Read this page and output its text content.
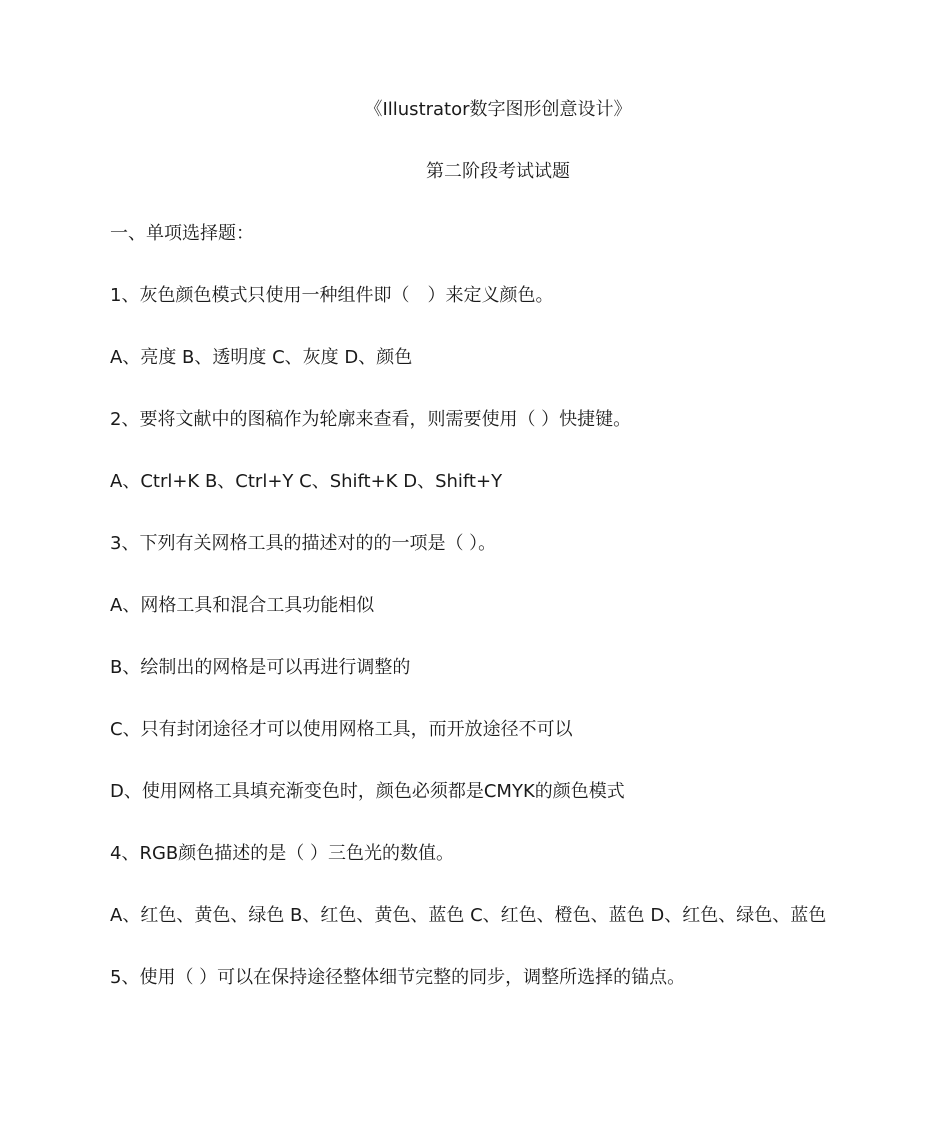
《Illustrator数字图形创意设计》
第二阶段考试试题
一、单项选择题：
1、灰色颜色模式只使用一种组件即（　）来定义颜色。
A、亮度 B、透明度 C、灰度 D、颜色
2、要将文献中的图稿作为轮廓来查看，则需要使用（ ）快捷键。
A、Ctrl+K B、Ctrl+Y C、Shift+K D、Shift+Y
3、下列有关网格工具的描述对的的一项是（ ）。
A、网格工具和混合工具功能相似
B、绘制出的网格是可以再进行调整的
C、只有封闭途径才可以使用网格工具，而开放途径不可以
D、使用网格工具填充渐变色时，颜色必须都是CMYK的颜色模式
4、RGB颜色描述的是（ ）三色光的数值。
A、红色、黄色、绿色 B、红色、黄色、蓝色 C、红色、橙色、蓝色 D、红色、绿色、蓝色
5、使用（ ）可以在保持途径整体细节完整的同步，调整所选择的锚点。
